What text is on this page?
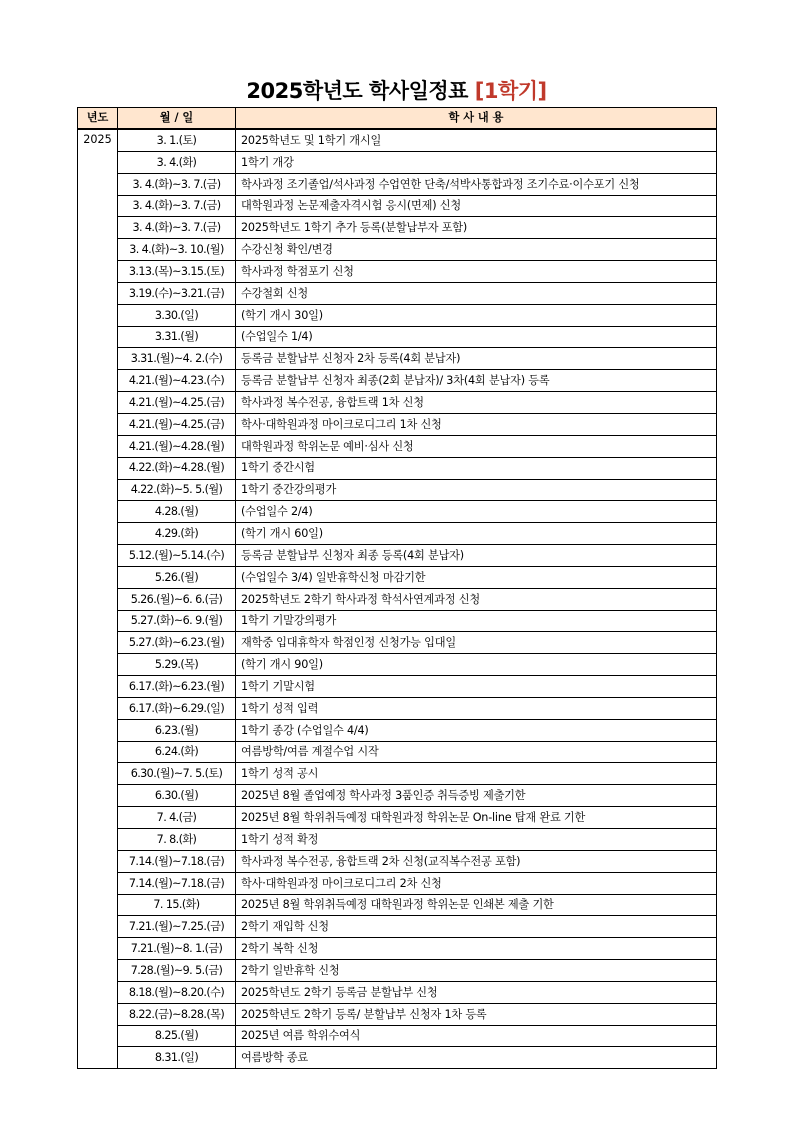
2025학년도 학사일정표 [1학기]
년도	월 / 일	학 사 내 용
2025	3. 1.(토)	2025학년도 및 1학기 개시일
	3. 4.(화)	1학기 개강
	3. 4.(화)~3. 7.(금)	학사과정 조기졸업/석사과정 수업연한 단축/석박사통합과정 조기수료·이수포기 신청
	3. 4.(화)~3. 7.(금)	대학원과정 논문제출자격시험 응시(면제) 신청
	3. 4.(화)~3. 7.(금)	2025학년도 1학기 추가 등록(분할납부자 포함)
	3. 4.(화)~3. 10.(월)	수강신청 확인/변경
	3.13.(목)~3.15.(토)	학사과정 학점포기 신청
	3.19.(수)~3.21.(금)	수강철회 신청
	3.30.(일)	(학기 개시 30일)
	3.31.(월)	(수업일수 1/4)
	3.31.(월)~4. 2.(수)	등록금 분할납부 신청자 2차 등록(4회 분납자)
	4.21.(월)~4.23.(수)	등록금 분할납부 신청자 최종(2회 분납자)/ 3차(4회 분납자) 등록
	4.21.(월)~4.25.(금)	학사과정 복수전공, 융합트랙 1차 신청
	4.21.(월)~4.25.(금)	학사·대학원과정 마이크로디그리 1차 신청
	4.21.(월)~4.28.(월)	대학원과정 학위논문 예비·심사 신청
	4.22.(화)~4.28.(월)	1학기 중간시험
	4.22.(화)~5. 5.(월)	1학기 중간강의평가
	4.28.(월)	(수업일수 2/4)
	4.29.(화)	(학기 개시 60일)
	5.12.(월)~5.14.(수)	등록금 분할납부 신청자 최종 등록(4회 분납자)
	5.26.(월)	(수업일수 3/4) 일반휴학신청 마감기한
	5.26.(월)~6. 6.(금)	2025학년도 2학기 학사과정 학석사연계과정 신청
	5.27.(화)~6. 9.(월)	1학기 기말강의평가
	5.27.(화)~6.23.(월)	재학중 입대휴학자 학점인정 신청가능 입대일
	5.29.(목)	(학기 개시 90일)
	6.17.(화)~6.23.(월)	1학기 기말시험
	6.17.(화)~6.29.(일)	1학기 성적 입력
	6.23.(월)	1학기 종강 (수업일수 4/4)
	6.24.(화)	여름방학/여름 계절수업 시작
	6.30.(월)~7. 5.(토)	1학기 성적 공시
	6.30.(월)	2025년 8월 졸업예정 학사과정 3품인증 취득증빙 제출기한
	7. 4.(금)	2025년 8월 학위취득예정 대학원과정 학위논문 On-line 탑재 완료 기한
	7. 8.(화)	1학기 성적 확정
	7.14.(월)~7.18.(금)	학사과정 복수전공, 융합트랙 2차 신청(교직복수전공 포함)
	7.14.(월)~7.18.(금)	학사·대학원과정 마이크로디그리 2차 신청
	7. 15.(화)	2025년 8월 학위취득예정 대학원과정 학위논문 인쇄본 제출 기한
	7.21.(월)~7.25.(금)	2학기 재입학 신청
	7.21.(월)~8. 1.(금)	2학기 복학 신청
	7.28.(월)~9. 5.(금)	2학기 일반휴학 신청
	8.18.(월)~8.20.(수)	2025학년도 2학기 등록금 분할납부 신청
	8.22.(금)~8.28.(목)	2025학년도 2학기 등록/ 분할납부 신청자 1차 등록
	8.25.(월)	2025년 여름 학위수여식
	8.31.(일)	여름방학 종료
